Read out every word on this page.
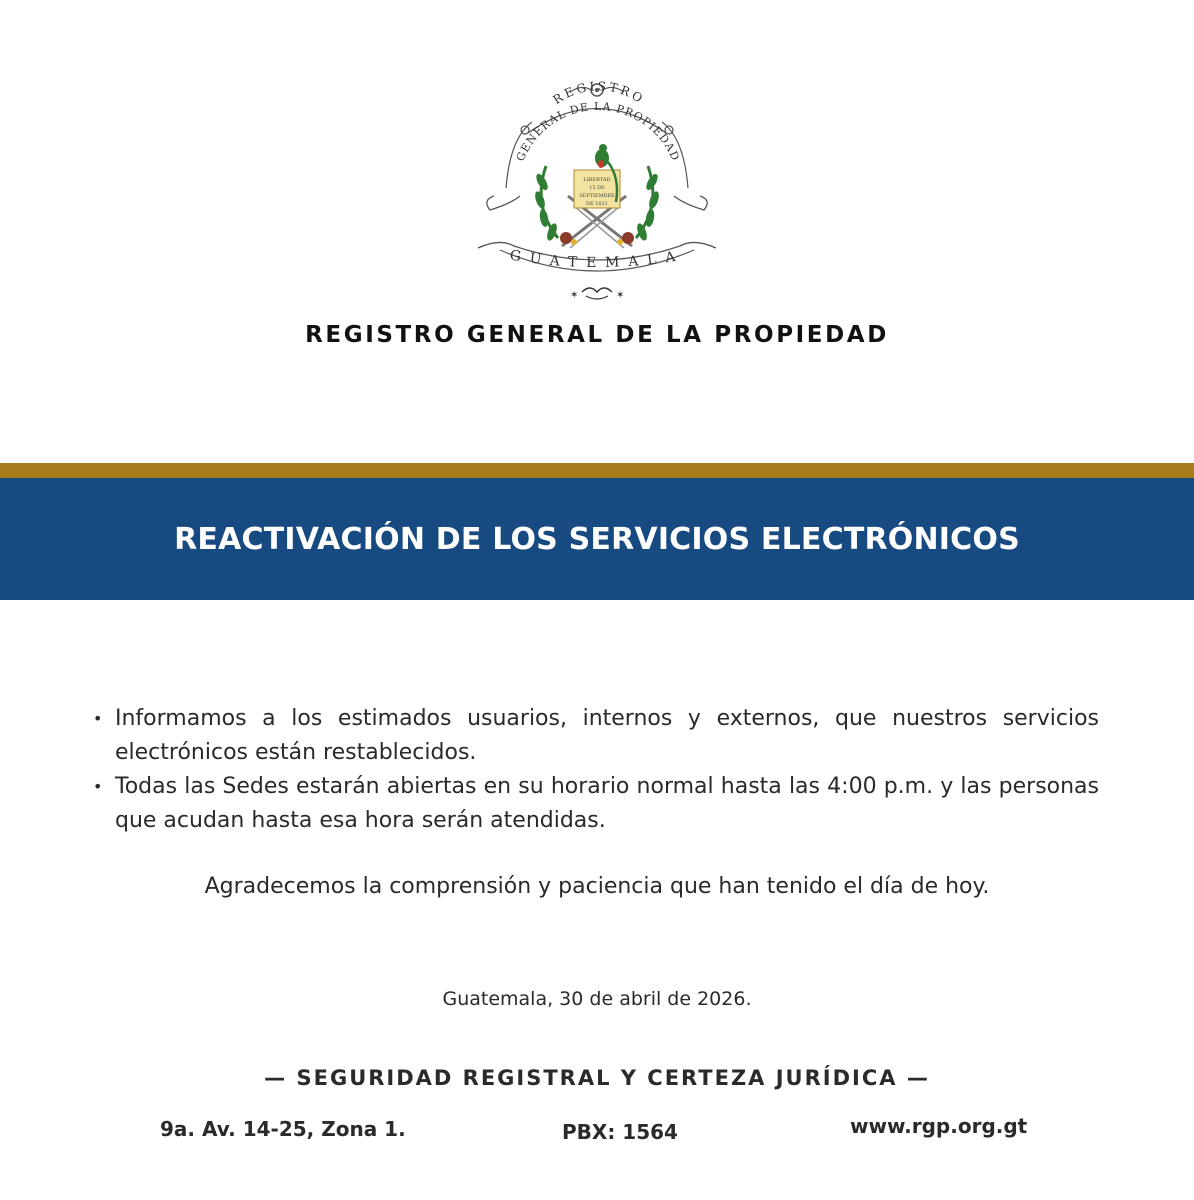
REGISTRO
GENERAL DE LA PROPIEDAD
LIBERTAD
15 DE
SEPTIEMBRE
DE 1821
GUATEMALA
✶	✶
REGISTRO GENERAL DE LA PROPIEDAD
REACTIVACIÓN DE LOS SERVICIOS ELECTRÓNICOS
• Informamos a los estimados usuarios, internos y externos, que nuestros servicios electrónicos están restablecidos.
• Todas las Sedes estarán abiertas en su horario normal hasta las 4:00 p.m. y las personas que acudan hasta esa hora serán atendidas.

Agradecemos la comprensión y paciencia que han tenido el día de hoy.

Guatemala, 30 de abril de 2026.

— SEGURIDAD REGISTRAL Y CERTEZA JURÍDICA —

9a. Av. 14-25, Zona 1.	PBX: 1564	www.rgp.org.gt
